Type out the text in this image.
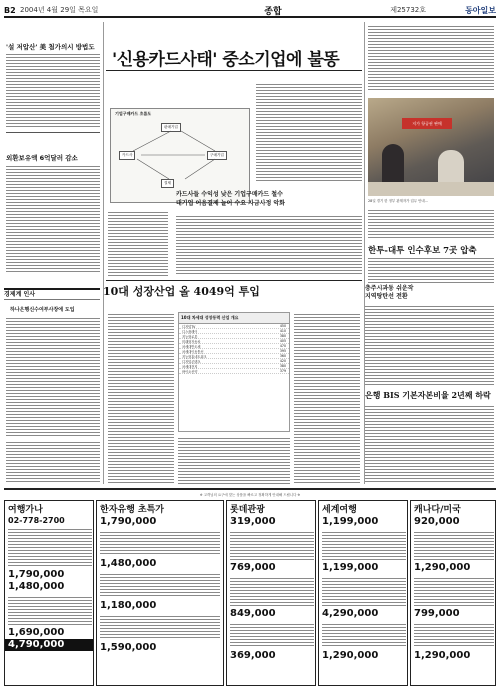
B2 2004년 4월 29일 목요일	종합	제25732호	동아일보
'설 저압산' 美 첨가의시 방법도
외환보유액 6억달러 감소
경제계 인사
하나은행신수여부사장에 도입
'신용카드사태' 중소기업에 불똥
기업구매카드 흐름도
판매기업
카드사	구매기업
결제
카드사들 수익성 낮은 기업구매카드 철수
대기업 어음결제 늘어 수요 자금사정 악화
저가 항공권 판매
28일 경기 한 정부 관계자가 업무 안내...
한투-대투 인수후보 7곳 압축
충주시과동 쉬운작
지역탕탄선 전환
은행 BIS 기본자본비율 2년째 하락
10대 성장산업 올 4049억 투입
10대 차세대 성장동력 산업 개요
디지털TV	450
디스플레이	410
지능형로봇	380
미래형자동차	405
차세대반도체	470
차세대이동통신	395
지능형홈네트워크	360
디지털콘텐츠	420
차세대전지	380
바이오신약	379
※ 고객님의 요구에 맞는 상품을 빠르고 정확하게 안내해 드립니다 ※
여행가나
02-778-2700
1,790,000
1,480,000
1,690,000
4,790,000
한자유행 초특가
1,790,000
1,480,000
1,180,000
1,590,000
롯데관광
319,000
769,000
849,000
369,000
세계여행
1,199,000
1,199,000
4,290,000
1,290,000
캐나다/미국
920,000
1,290,000
799,000
1,290,000
